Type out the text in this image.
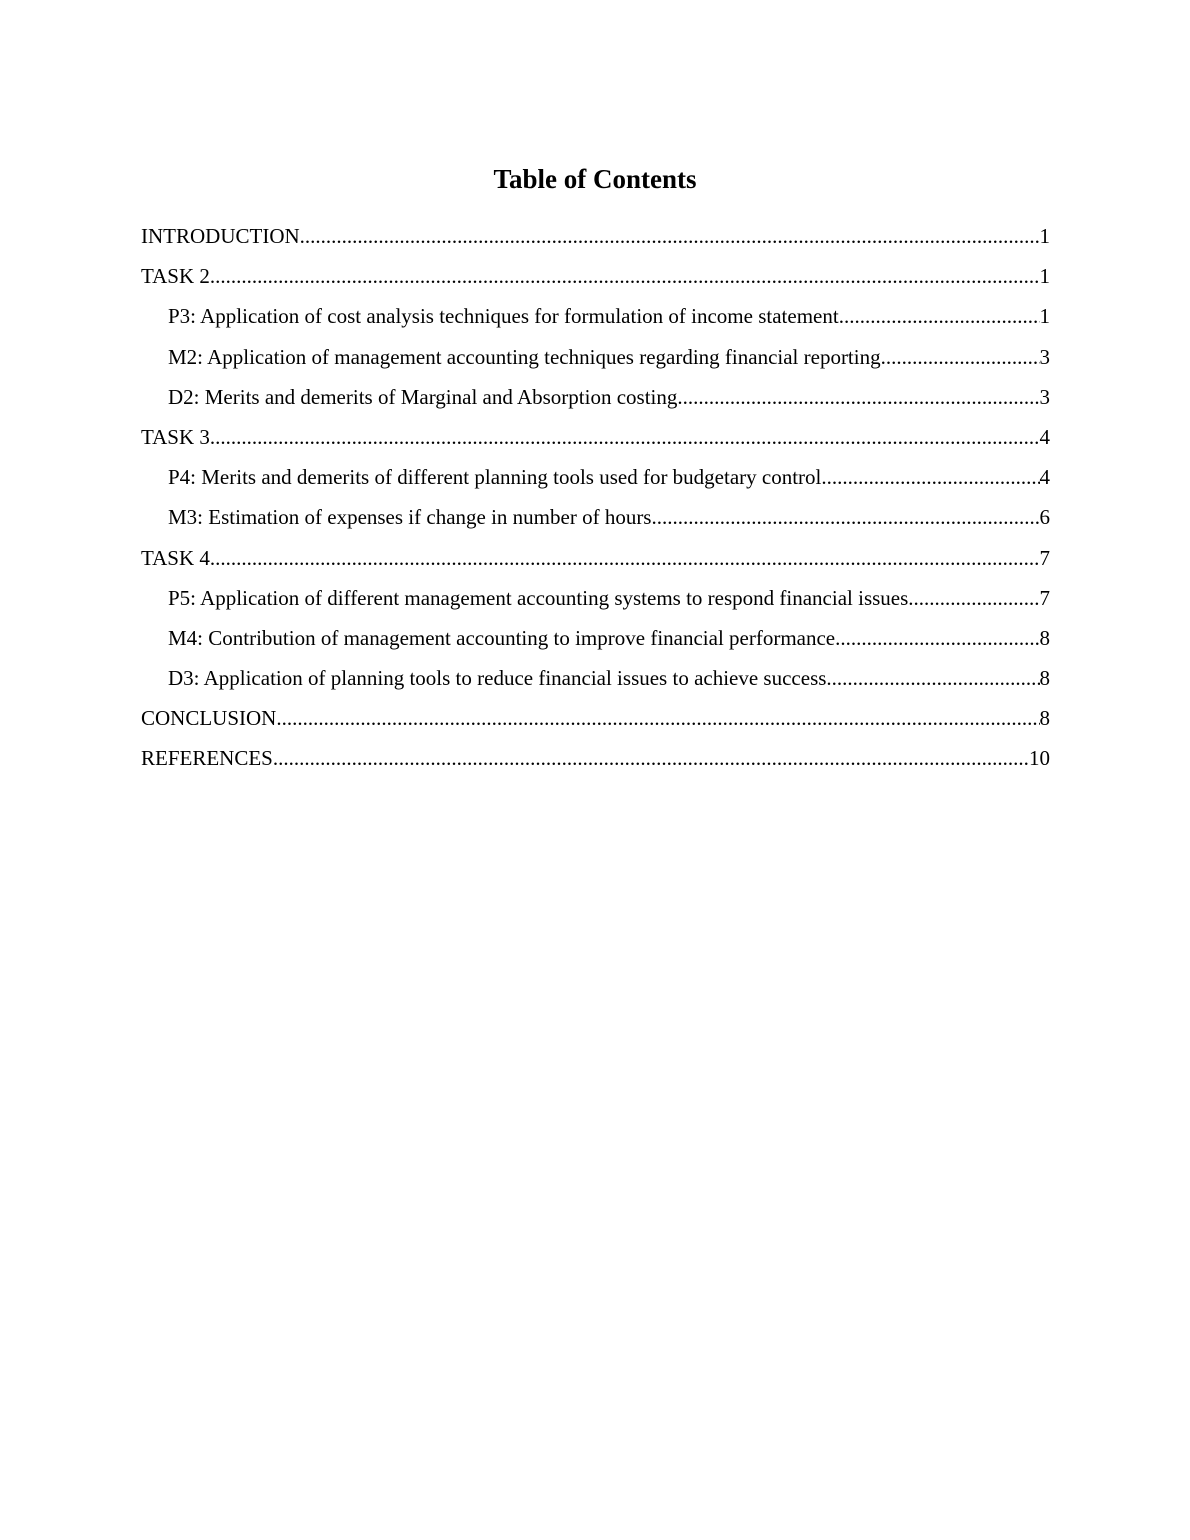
Table of Contents
INTRODUCTION .....	1
TASK 2 .....	1
P3: Application of cost analysis techniques for formulation of income statement .....	1
M2: Application of management accounting techniques regarding financial reporting .....	3
D2: Merits and demerits of Marginal and Absorption costing .....	3
TASK 3 .....	4
P4: Merits and demerits of different planning tools used for budgetary control .....	4
M3: Estimation of expenses if change in number of hours .....	6
TASK 4 .....	7
P5: Application of different management accounting systems to respond financial issues .....	7
M4: Contribution of management accounting to improve financial performance .....	8
D3: Application of planning tools to reduce financial issues to achieve success .....	8
CONCLUSION .....	8
REFERENCES .....	10
